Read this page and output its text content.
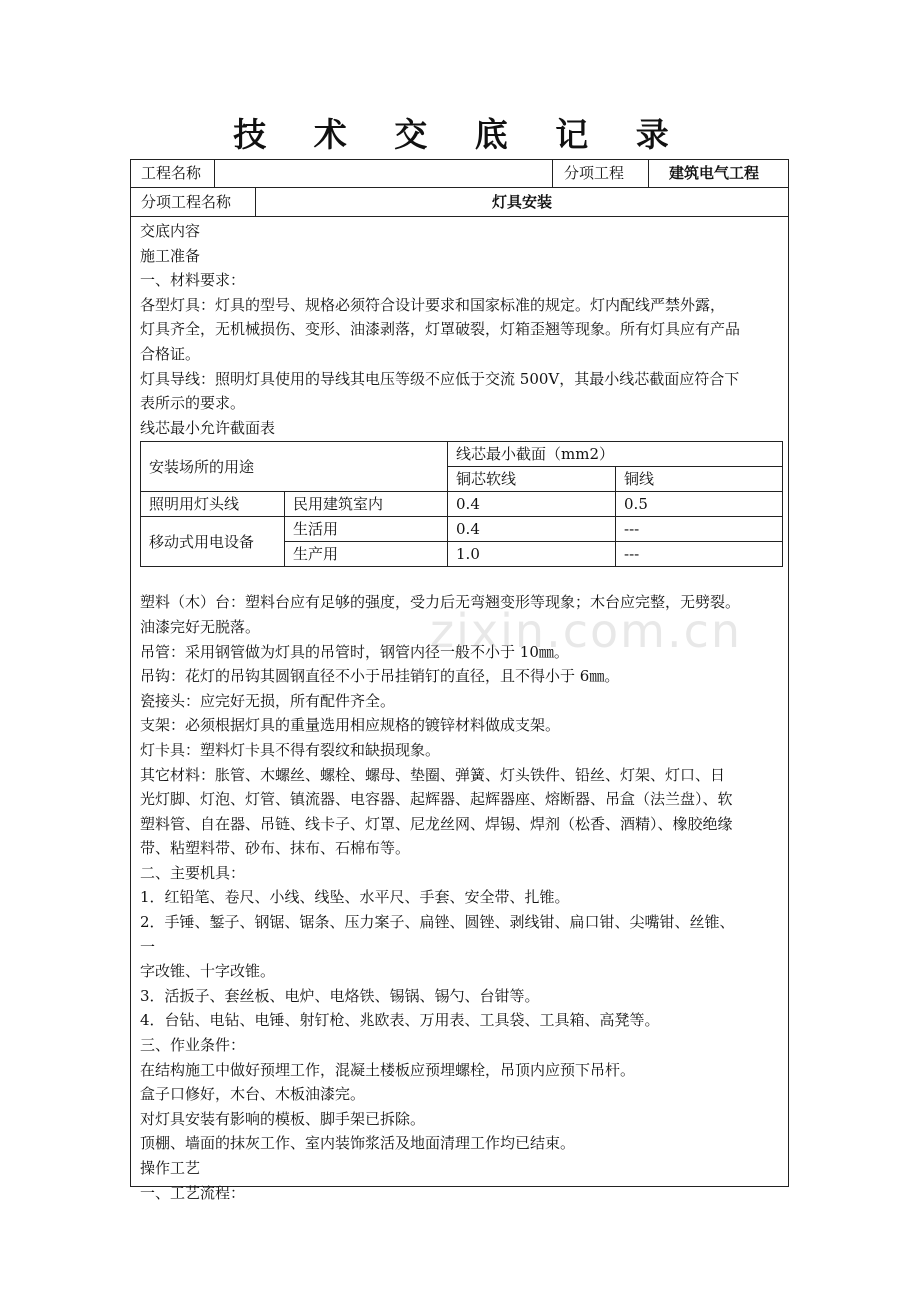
技 术 交 底 记 录
工程名称	分项工程	建筑电气工程
分项工程名称	灯具安装
交底内容
施工准备
一、材料要求：
各型灯具：灯具的型号、规格必须符合设计要求和国家标准的规定。灯内配线严禁外露，
灯具齐全，无机械损伤、变形、油漆剥落，灯罩破裂，灯箱歪翘等现象。所有灯具应有产品
合格证。
灯具导线：照明灯具使用的导线其电压等级不应低于交流 500V，其最小线芯截面应符合下
表所示的要求。
线芯最小允许截面表
安装场所的用途		线芯最小截面（mm2）	
		铜芯软线	铜线
照明用灯头线	民用建筑室内	0.4	0.5
移动式用电设备	生活用	0.4	---
	生产用	1.0	---
塑料（木）台：塑料台应有足够的强度，受力后无弯翘变形等现象；木台应完整，无劈裂。
油漆完好无脱落。
吊管：采用钢管做为灯具的吊管时，钢管内径一般不小于 10㎜。
吊钩：花灯的吊钩其圆钢直径不小于吊挂销钉的直径，且不得小于 6㎜。
瓷接头：应完好无损，所有配件齐全。
支架：必须根据灯具的重量选用相应规格的镀锌材料做成支架。
灯卡具：塑料灯卡具不得有裂纹和缺损现象。
其它材料：胀管、木螺丝、螺栓、螺母、垫圈、弹簧、灯头铁件、铅丝、灯架、灯口、日
光灯脚、灯泡、灯管、镇流器、电容器、起辉器、起辉器座、熔断器、吊盒（法兰盘）、软
塑料管、自在器、吊链、线卡子、灯罩、尼龙丝网、焊锡、焊剂（松香、酒精）、橡胶绝缘
带、粘塑料带、砂布、抹布、石棉布等。
二、主要机具：
1．红铅笔、卷尺、小线、线坠、水平尺、手套、安全带、扎锥。
2．手锤、錾子、钢锯、锯条、压力案子、扁锉、圆锉、剥线钳、扁口钳、尖嘴钳、丝锥、
一
字改锥、十字改锥。
3．活扳子、套丝板、电炉、电烙铁、锡锅、锡勺、台钳等。
4．台钻、电钻、电锤、射钉枪、兆欧表、万用表、工具袋、工具箱、高凳等。
三、作业条件：
在结构施工中做好预埋工作，混凝土楼板应预埋螺栓，吊顶内应预下吊杆。
盒子口修好，木台、木板油漆完。
对灯具安装有影响的模板、脚手架已拆除。
顶棚、墙面的抹灰工作、室内装饰浆活及地面清理工作均已结束。
操作工艺
一、工艺流程：
zixin.com.cn
